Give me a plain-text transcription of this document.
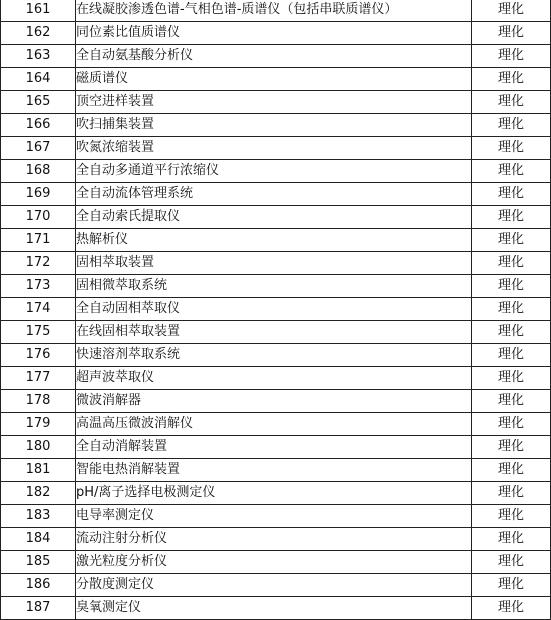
161	在线凝胶渗透色谱-气相色谱-质谱仪（包括串联质谱仪）	理化
162	同位素比值质谱仪	理化
163	全自动氨基酸分析仪	理化
164	磁质谱仪	理化
165	顶空进样装置	理化
166	吹扫捕集装置	理化
167	吹氮浓缩装置	理化
168	全自动多通道平行浓缩仪	理化
169	全自动流体管理系统	理化
170	全自动索氏提取仪	理化
171	热解析仪	理化
172	固相萃取装置	理化
173	固相微萃取系统	理化
174	全自动固相萃取仪	理化
175	在线固相萃取装置	理化
176	快速溶剂萃取系统	理化
177	超声波萃取仪	理化
178	微波消解器	理化
179	高温高压微波消解仪	理化
180	全自动消解装置	理化
181	智能电热消解装置	理化
182	pH/离子选择电极测定仪	理化
183	电导率测定仪	理化
184	流动注射分析仪	理化
185	激光粒度分析仪	理化
186	分散度测定仪	理化
187	臭氧测定仪	理化
